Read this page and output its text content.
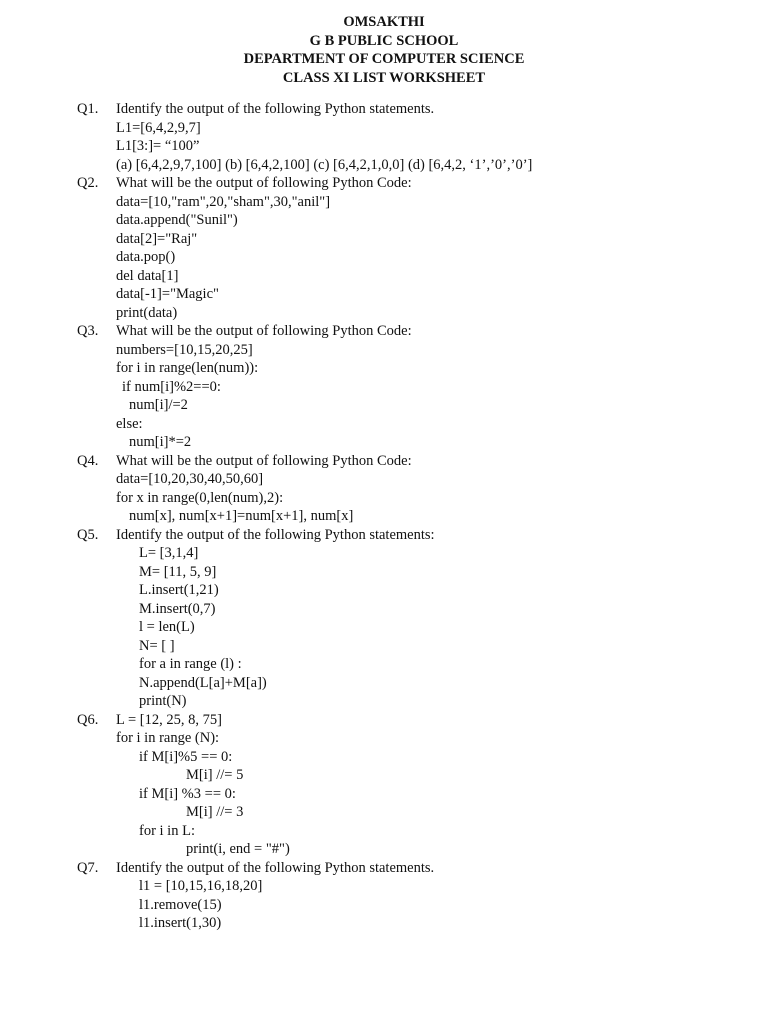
OMSAKTHI
G B PUBLIC SCHOOL
DEPARTMENT OF COMPUTER SCIENCE
CLASS XI LIST WORKSHEET
Q1.	Identify the output of the following Python statements.
L1=[6,4,2,9,7]
L1[3:]= “100”
(a) [6,4,2,9,7,100] (b) [6,4,2,100] (c) [6,4,2,1,0,0] (d) [6,4,2, ‘1’,’0’,’0’]
Q2.	What will be the output of following Python Code:
data=[10,"ram",20,"sham",30,"anil"]
data.append("Sunil")
data[2]="Raj"
data.pop()
del data[1]
data[-1]="Magic"
print(data)
Q3.	What will be the output of following Python Code:
numbers=[10,15,20,25]
for i in range(len(num)):
if num[i]%2==0:
num[i]/=2
else:
num[i]*=2
Q4.	What will be the output of following Python Code:
data=[10,20,30,40,50,60]
for x in range(0,len(num),2):
num[x], num[x+1]=num[x+1], num[x]
Q5.	Identify the output of the following Python statements:
L= [3,1,4]
M= [11, 5, 9]
L.insert(1,21)
M.insert(0,7)
l = len(L)
N= [ ]
for a in range (l) :
N.append(L[a]+M[a])
print(N)
Q6.	L = [12, 25, 8, 75]
for i in range (N):
if M[i]%5 == 0:
M[i] //= 5
if M[i] %3 == 0:
M[i] //= 3
for i in L:
print(i, end = "#")
Q7.	Identify the output of the following Python statements.
l1 = [10,15,16,18,20]
l1.remove(15)
l1.insert(1,30)
